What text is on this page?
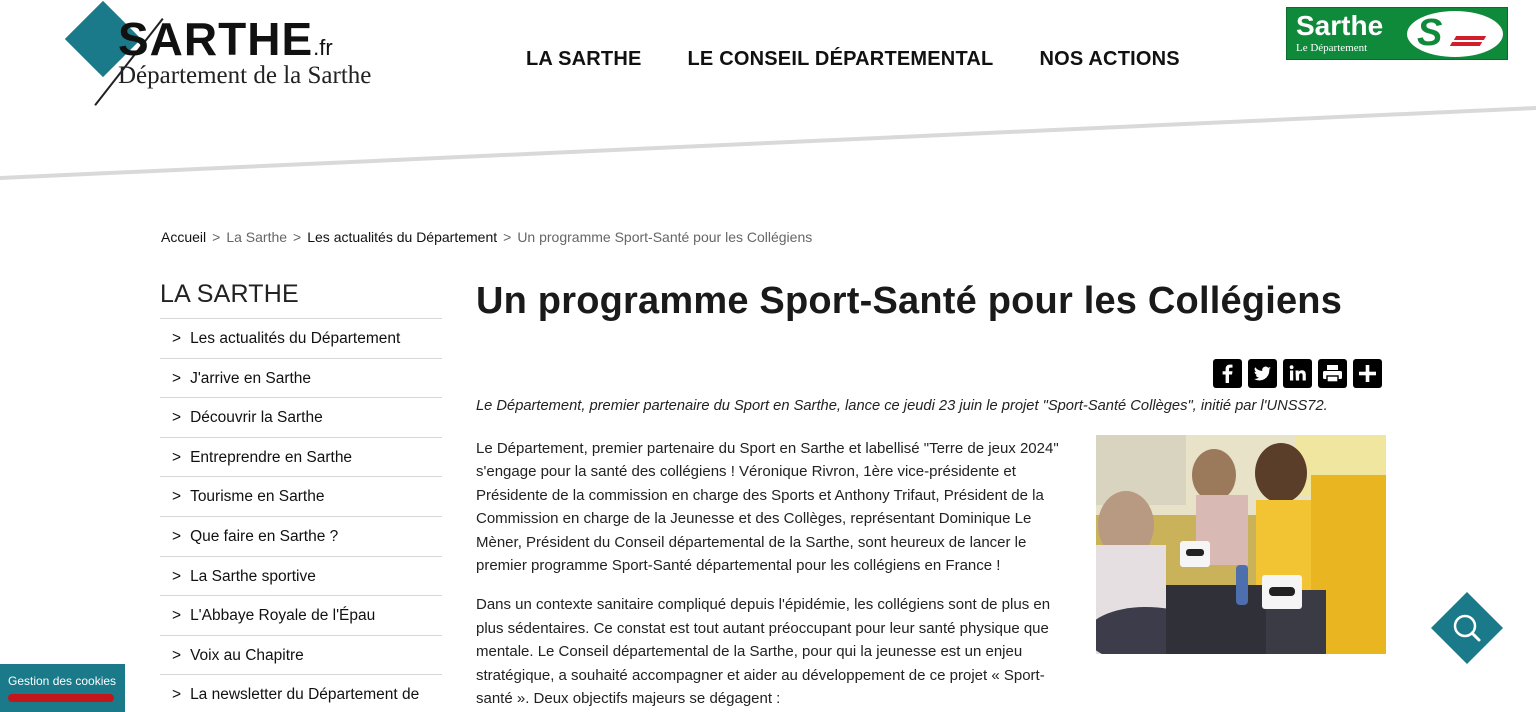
SARTHE.fr
Département de la Sarthe
LA SARTHE LE CONSEIL DÉPARTEMENTAL NOS ACTIONS
Sarthe
Le Département S
Accueil > La Sarthe > Les actualités du Département > Un programme Sport-Santé pour les Collégiens
LA SARTHE
> Les actualités du Département
> J'arrive en Sarthe
> Découvrir la Sarthe
> Entreprendre en Sarthe
> Tourisme en Sarthe
> Que faire en Sarthe ?
> La Sarthe sportive
> L'Abbaye Royale de l'Épau
> Voix au Chapitre
> La newsletter du Département de
Un programme Sport-Santé pour les Collégiens

Le Département, premier partenaire du Sport en Sarthe, lance ce jeudi 23 juin le projet "Sport-Santé Collèges", initié par l'UNSS72.

Le Département, premier partenaire du Sport en Sarthe et labellisé "Terre de jeux 2024" s'engage pour la santé des collégiens ! Véronique Rivron, 1ère vice-présidente et Présidente de la commission en charge des Sports et Anthony Trifaut, Président de la Commission en charge de la Jeunesse et des Collèges, représentant Dominique Le Mèner, Président du Conseil départemental de la Sarthe, sont heureux de lancer le premier programme Sport-Santé départemental pour les collégiens en France !

Dans un contexte sanitaire compliqué depuis l'épidémie, les collégiens sont de plus en plus sédentaires. Ce constat est tout autant préoccupant pour leur santé physique que mentale. Le Conseil départemental de la Sarthe, pour qui la jeunesse est un enjeu stratégique, a souhaité accompagner et aider au développement de ce projet « Sport-santé ». Deux objectifs majeurs se dégagent :

Gestion des cookies
